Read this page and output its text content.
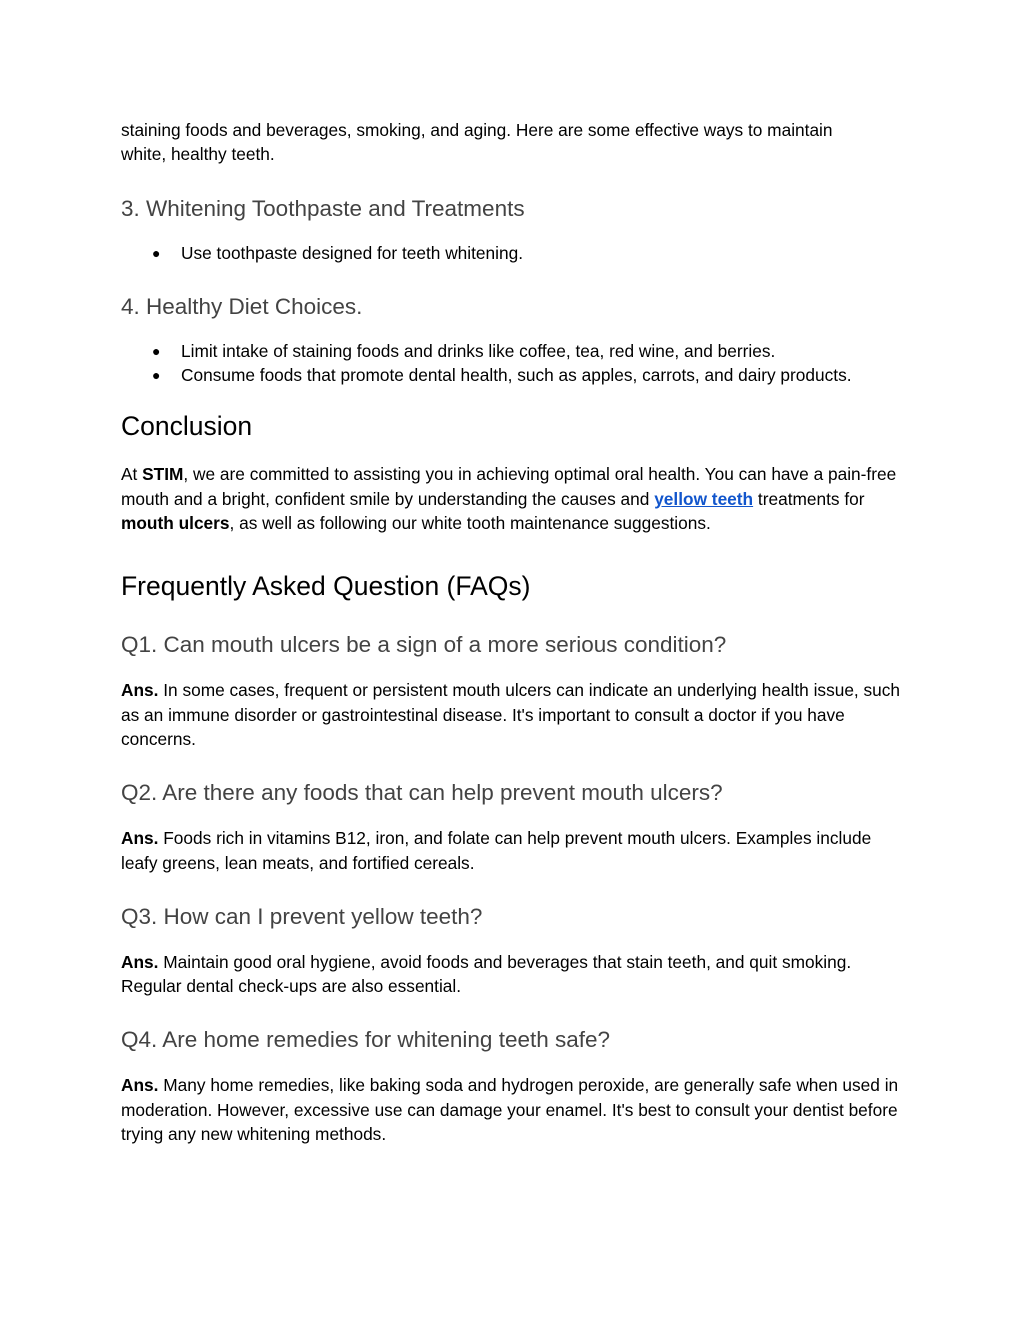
staining foods and beverages, smoking, and aging. Here are some effective ways to maintain
white, healthy teeth.

3. Whitening Toothpaste and Treatments
● Use toothpaste designed for teeth whitening.
4. Healthy Diet Choices.
● Limit intake of staining foods and drinks like coffee, tea, red wine, and berries.
● Consume foods that promote dental health, such as apples, carrots, and dairy products.
Conclusion

At STIM, we are committed to assisting you in achieving optimal oral health. You can have a pain-free mouth and a bright, confident smile by understanding the causes and yellow teeth treatments for mouth ulcers, as well as following our white tooth maintenance suggestions.

Frequently Asked Question (FAQs)
Q1. Can mouth ulcers be a sign of a more serious condition?

Ans. In some cases, frequent or persistent mouth ulcers can indicate an underlying health issue, such as an immune disorder or gastrointestinal disease. It's important to consult a doctor if you have concerns.

Q2. Are there any foods that can help prevent mouth ulcers?

Ans. Foods rich in vitamins B12, iron, and folate can help prevent mouth ulcers. Examples include leafy greens, lean meats, and fortified cereals.

Q3. How can I prevent yellow teeth?

Ans. Maintain good oral hygiene, avoid foods and beverages that stain teeth, and quit smoking. Regular dental check-ups are also essential.

Q4. Are home remedies for whitening teeth safe?

Ans. Many home remedies, like baking soda and hydrogen peroxide, are generally safe when used in moderation. However, excessive use can damage your enamel. It's best to consult your dentist before trying any new whitening methods.
